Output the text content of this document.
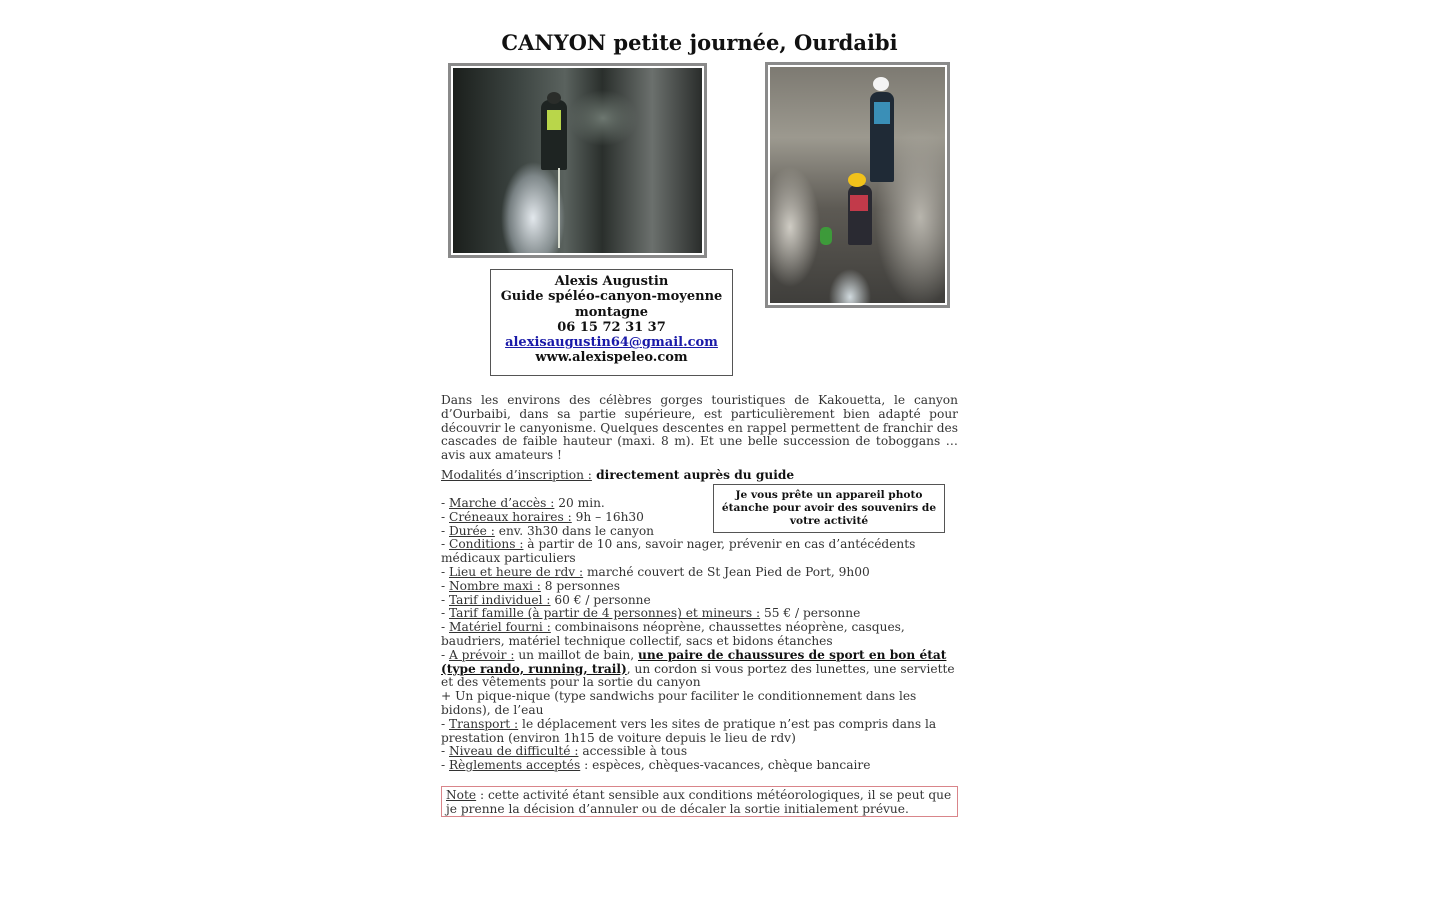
CANYON petite journée, Ourdaibi
Alexis Augustin
Guide spéléo-canyon-moyenne montagne
06 15 72 31 37
alexisaugustin64@gmail.com
www.alexispeleo.com

Dans les environs des célèbres gorges touristiques de Kakouetta, le canyon d’Ourbaibi, dans sa partie supérieure, est particulièrement bien adapté pour découvrir le canyonisme. Quelques descentes en rappel permettent de franchir des cascades de faible hauteur (maxi. 8 m). Et une belle succession de toboggans … avis aux amateurs !

Modalités d’inscription : directement auprès du guide
Je vous prête un appareil photo étanche pour avoir des souvenirs de votre activité
- Marche d’accès : 20 min.
- Créneaux horaires : 9h – 16h30
- Durée : env. 3h30 dans le canyon
- Conditions : à partir de 10 ans, savoir nager, prévenir en cas d’antécédents médicaux particuliers
- Lieu et heure de rdv : marché couvert de St Jean Pied de Port, 9h00
- Nombre maxi : 8 personnes
- Tarif individuel : 60 € / personne
- Tarif famille (à partir de 4 personnes) et mineurs : 55 € / personne
- Matériel fourni : combinaisons néoprène, chaussettes néoprène, casques, baudriers, matériel technique collectif, sacs et bidons étanches
- A prévoir : un maillot de bain, une paire de chaussures de sport en bon état (type rando, running, trail), un cordon si vous portez des lunettes, une serviette et des vêtements pour la sortie du canyon
+ Un pique-nique (type sandwichs pour faciliter le conditionnement dans les bidons), de l’eau
- Transport : le déplacement vers les sites de pratique n’est pas compris dans la prestation (environ 1h15 de voiture depuis le lieu de rdv)
- Niveau de difficulté : accessible à tous
- Règlements acceptés : espèces, chèques-vacances, chèque bancaire
Note : cette activité étant sensible aux conditions météorologiques, il se peut que je prenne la décision d’annuler ou de décaler la sortie initialement prévue.
